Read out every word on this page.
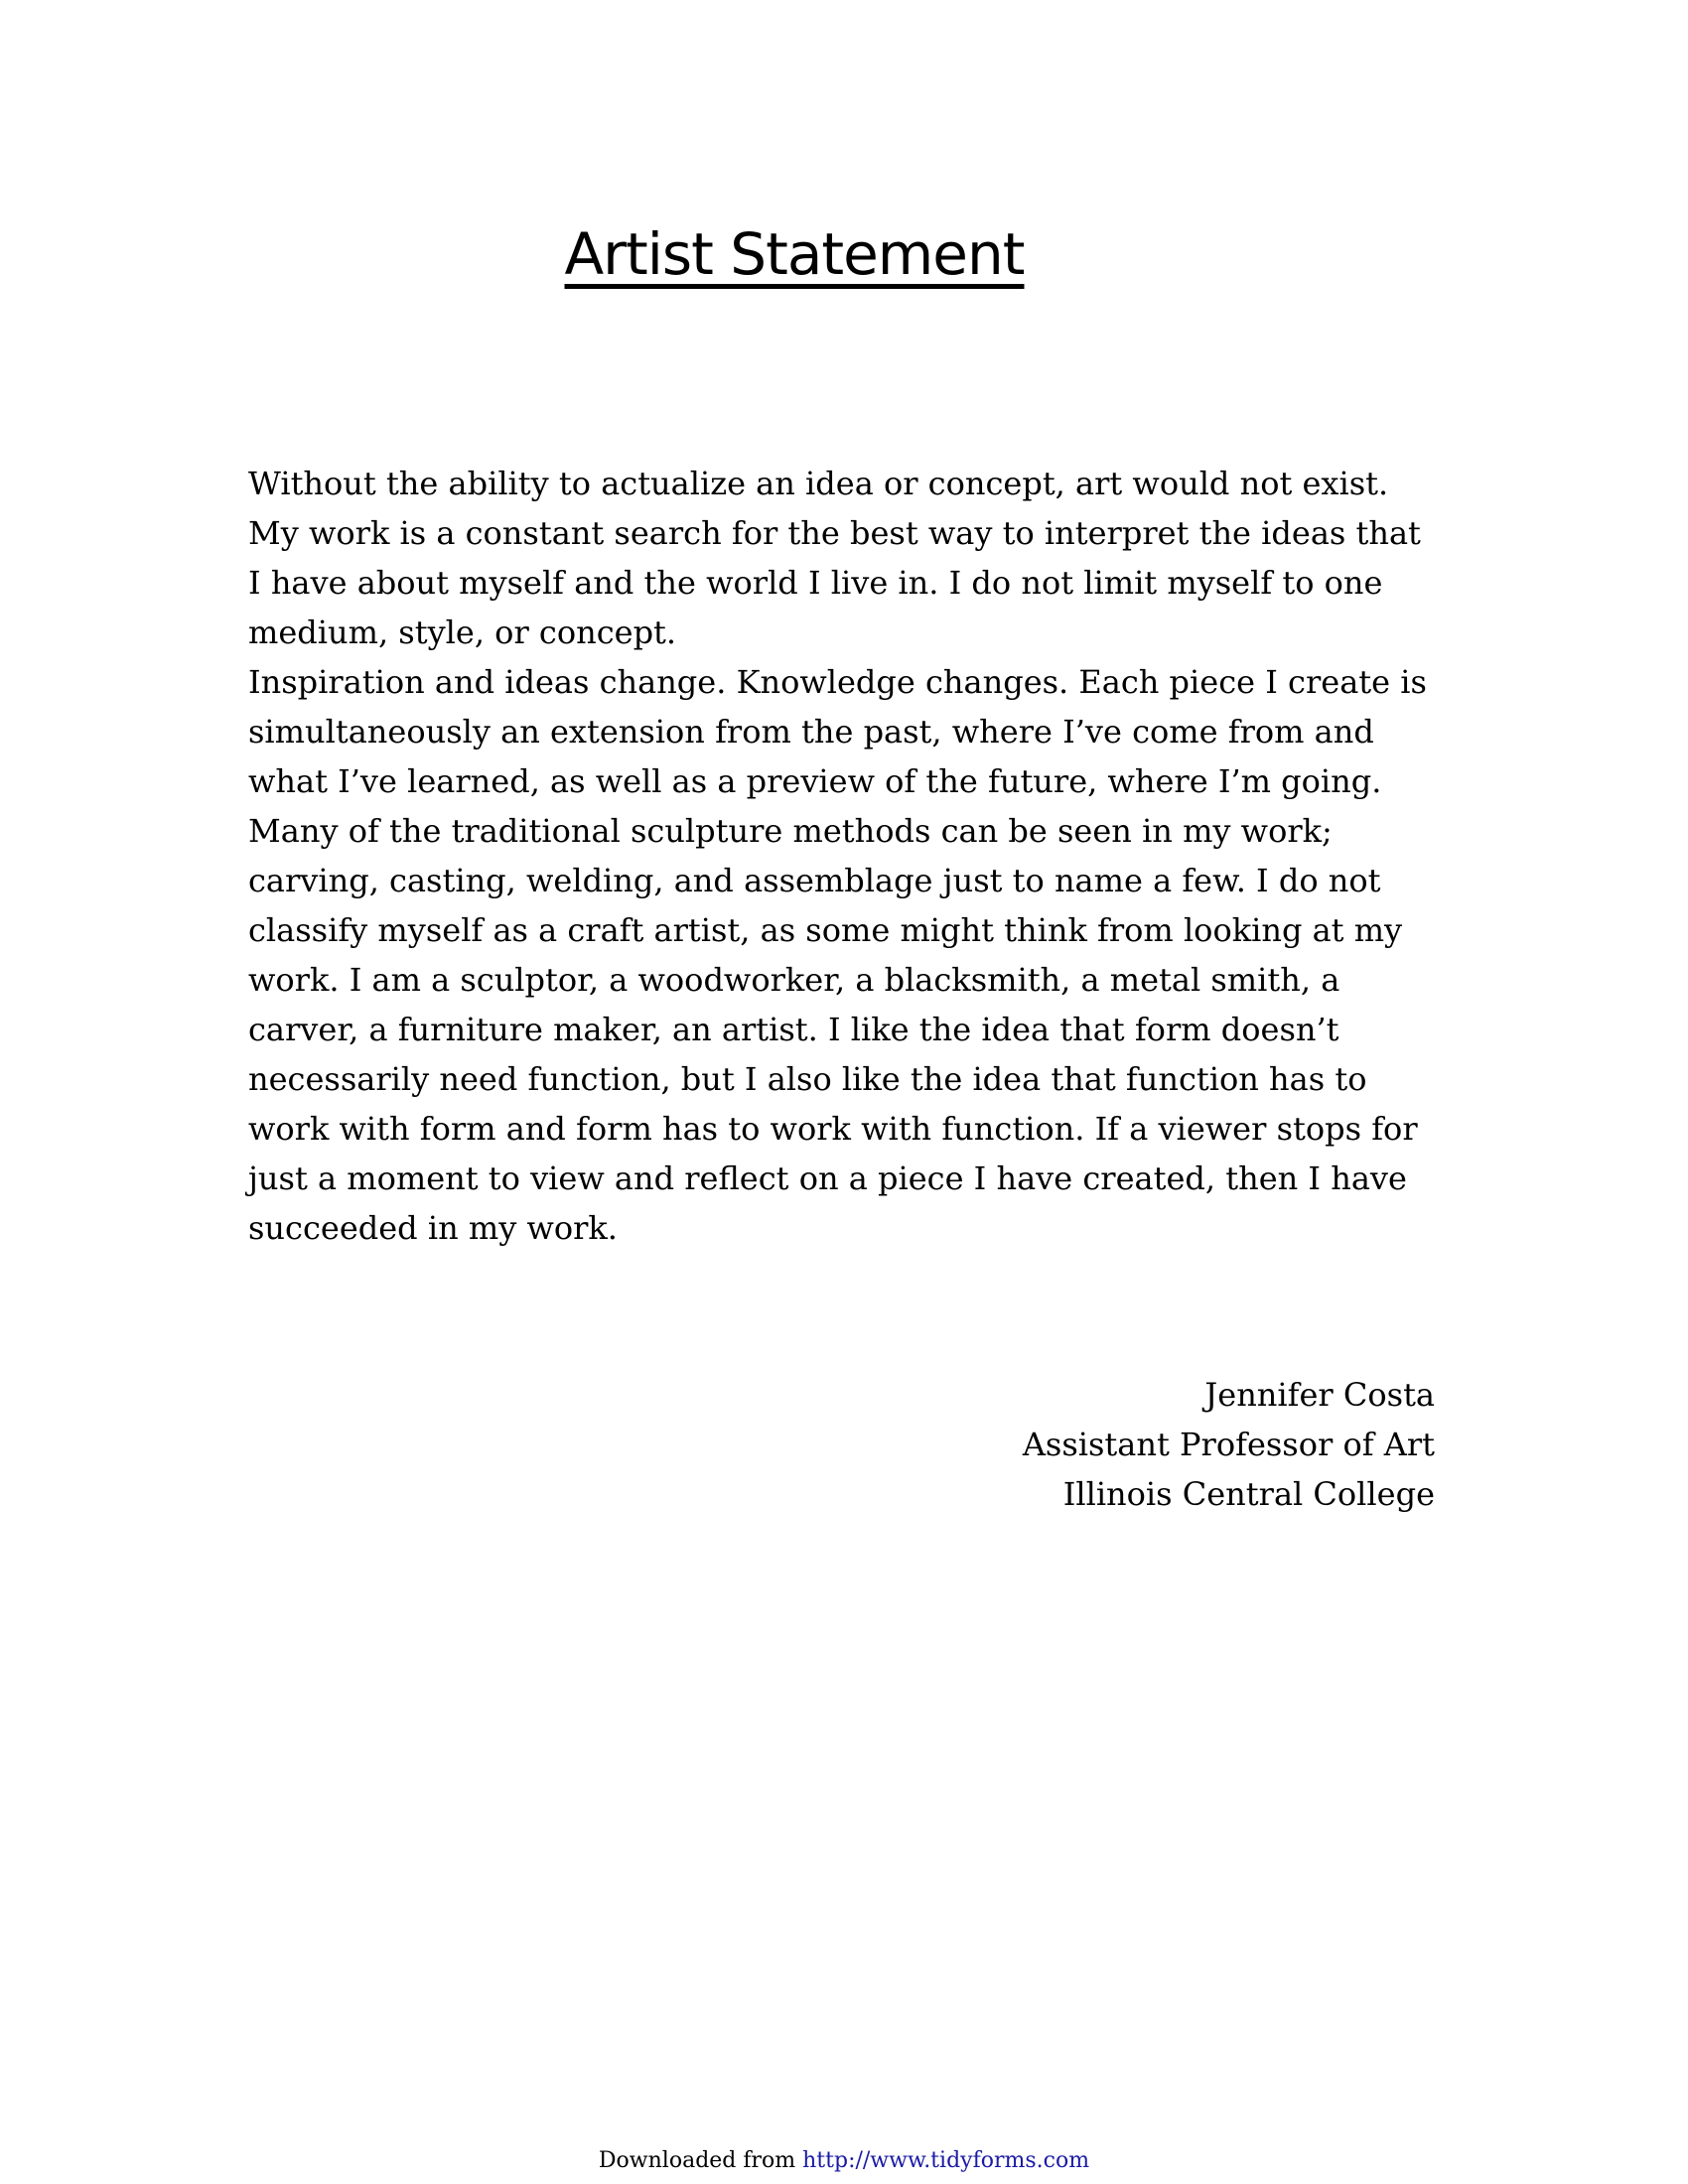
Artist Statement

Without the ability to actualize an idea or concept, art would not exist. My work is a constant search for the best way to interpret the ideas that I have about myself and the world I live in. I do not limit myself to one medium, style, or concept.

Inspiration and ideas change. Knowledge changes. Each piece I create is simultaneously an extension from the past, where I’ve come from and what I’ve learned, as well as a preview of the future, where I’m going. Many of the traditional sculpture methods can be seen in my work; carving, casting, welding, and assemblage just to name a few. I do not classify myself as a craft artist, as some might think from looking at my work. I am a sculptor, a woodworker, a blacksmith, a metal smith, a carver, a furniture maker, an artist. I like the idea that form doesn’t necessarily need function, but I also like the idea that function has to work with form and form has to work with function. If a viewer stops for just a moment to view and reflect on a piece I have created, then I have succeeded in my work.

Jennifer Costa
Assistant Professor of Art
Illinois Central College
Downloaded from http://www.tidyforms.com
